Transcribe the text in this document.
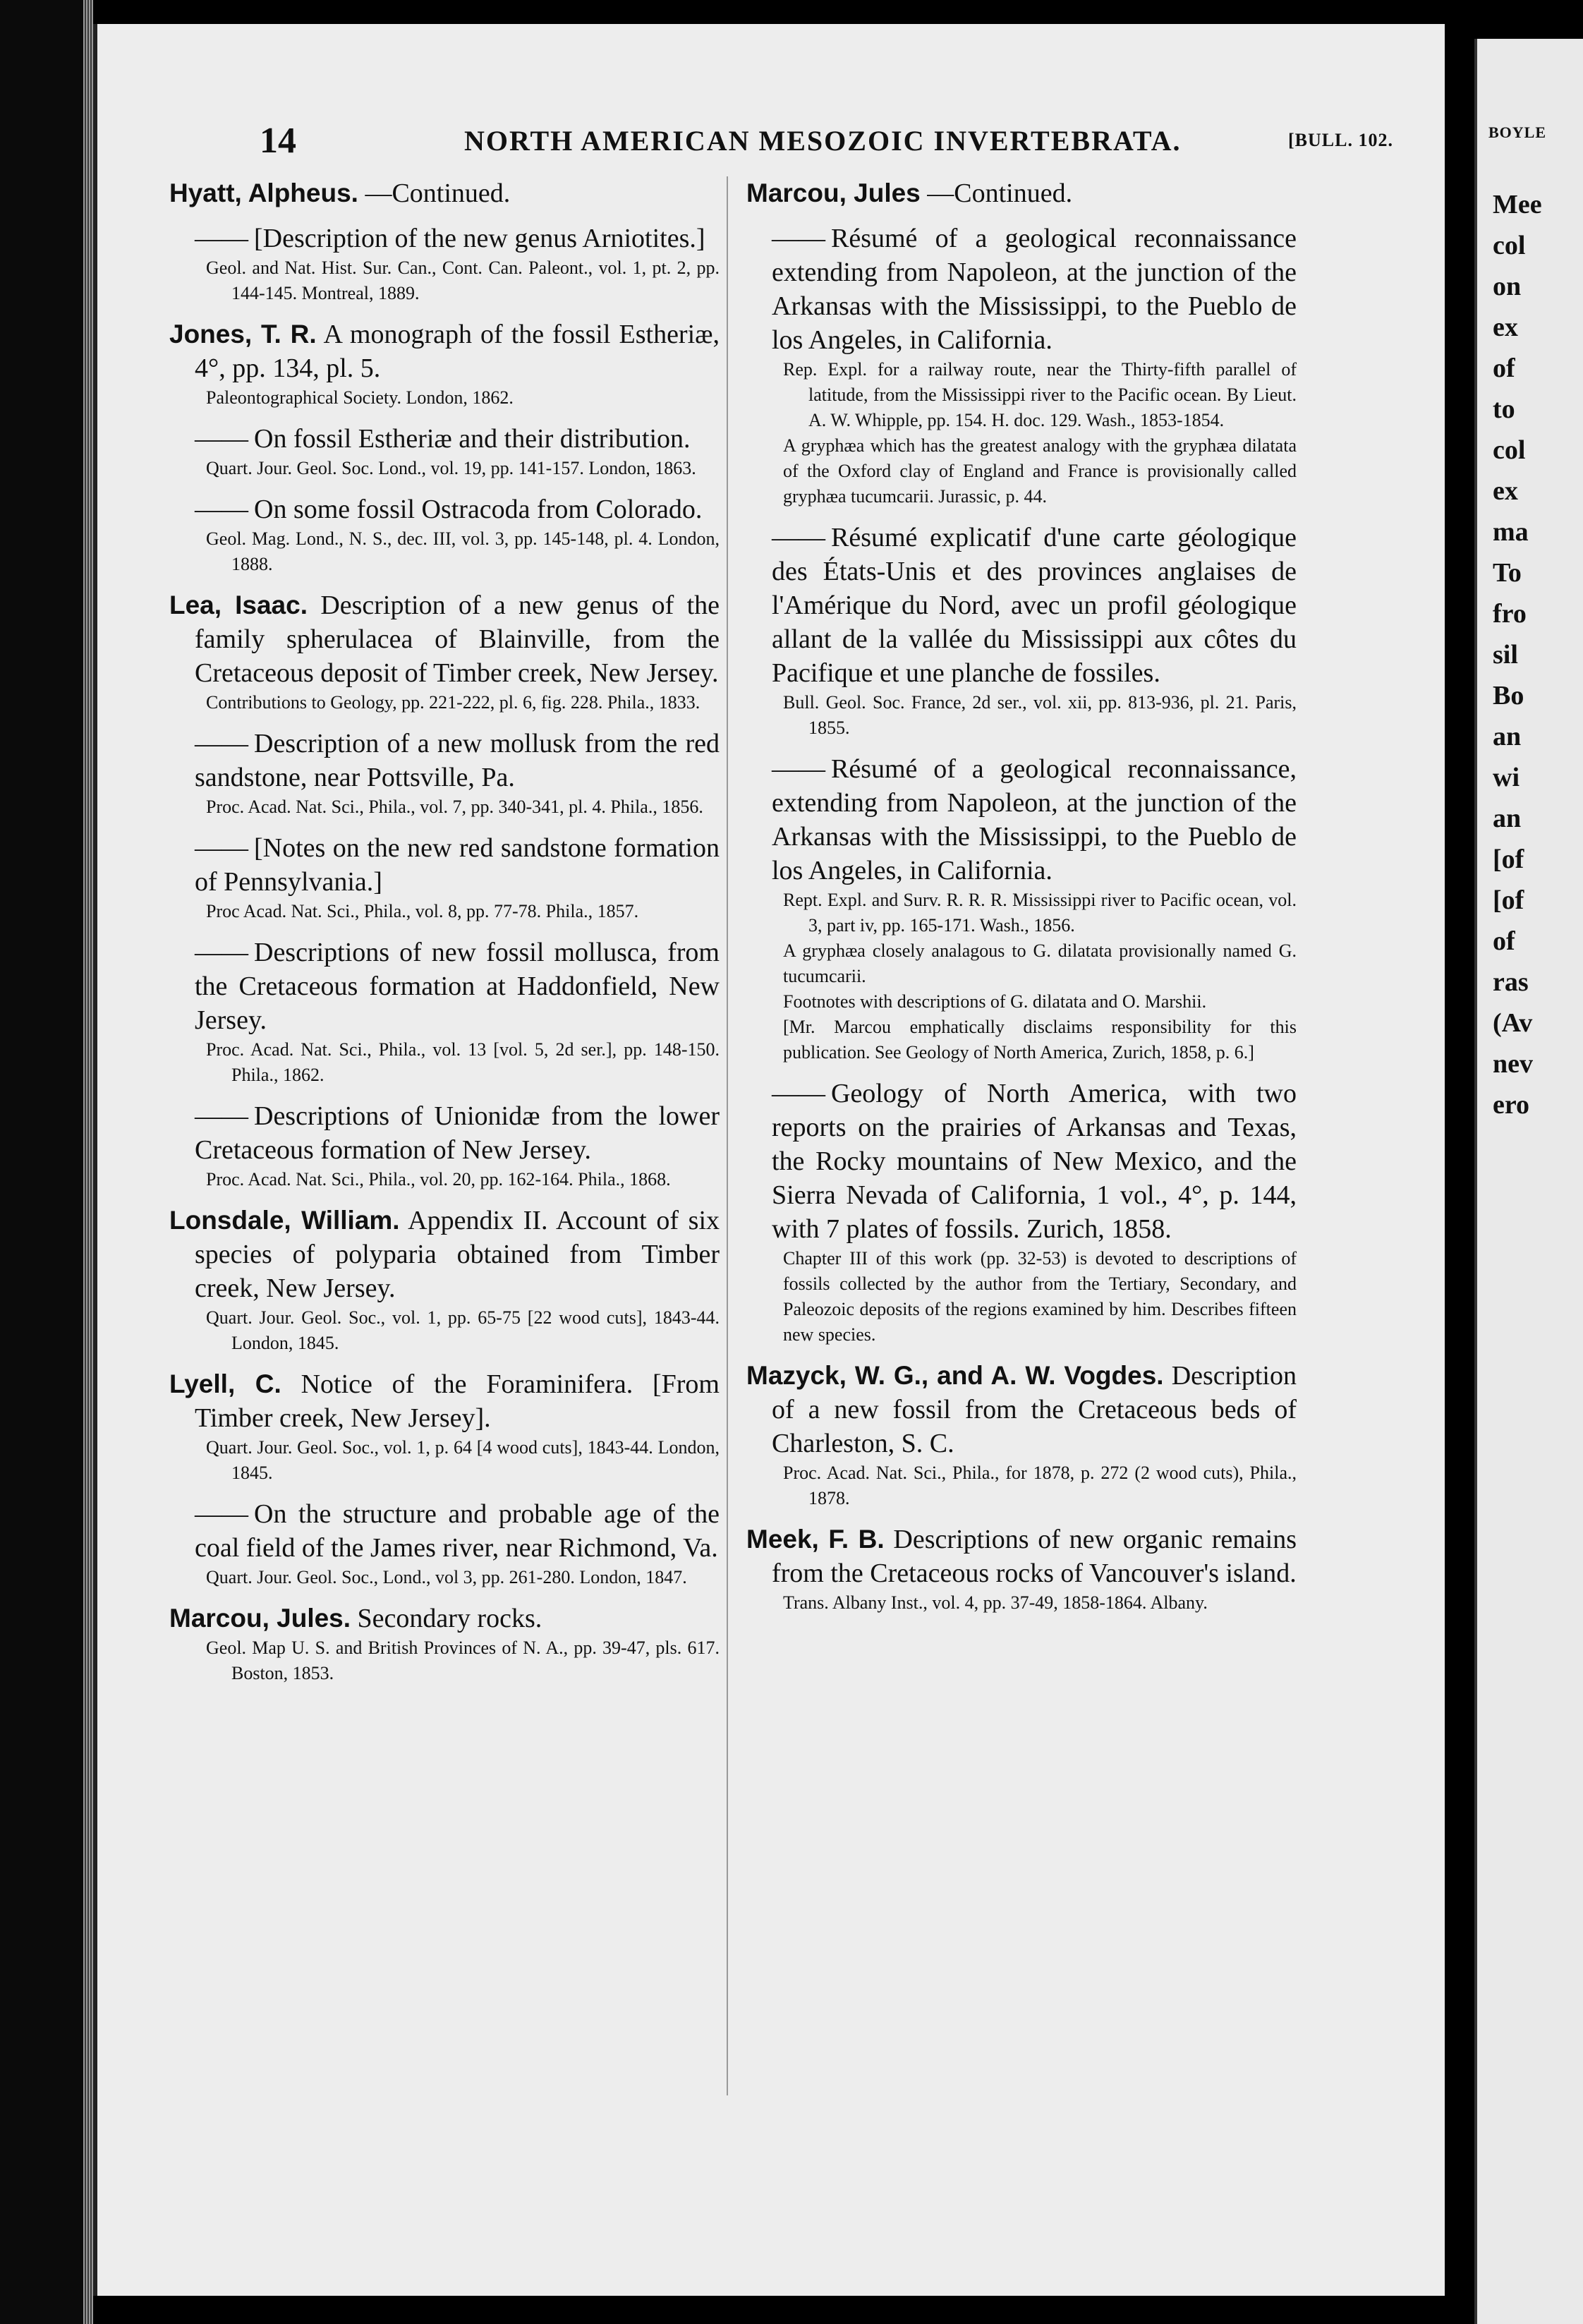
14	NORTH AMERICAN MESOZOIC INVERTEBRATA.	[BULL. 102.
Hyatt, Alpheus. —Continued.
—— [Description of the new genus Arniotites.]
Geol. and Nat. Hist. Sur. Can., Cont. Can. Paleont., vol. 1, pt. 2, pp. 144-145. Montreal, 1889.
Jones, T. R. A monograph of the fossil Estheriæ, 4°, pp. 134, pl. 5.
Paleontographical Society. London, 1862.
—— On fossil Estheriæ and their distribution.
Quart. Jour. Geol. Soc. Lond., vol. 19, pp. 141-157. London, 1863.
—— On some fossil Ostracoda from Colorado.
Geol. Mag. Lond., N. S., dec. III, vol. 3, pp. 145-148, pl. 4. London, 1888.
Lea, Isaac. Description of a new genus of the family spherulacea of Blainville, from the Cretaceous deposit of Timber creek, New Jersey.
Contributions to Geology, pp. 221-222, pl. 6, fig. 228. Phila., 1833.
—— Description of a new mollusk from the red sandstone, near Pottsville, Pa.
Proc. Acad. Nat. Sci., Phila., vol. 7, pp. 340-341, pl. 4. Phila., 1856.
—— [Notes on the new red sandstone formation of Pennsylvania.]
Proc Acad. Nat. Sci., Phila., vol. 8, pp. 77-78. Phila., 1857.
—— Descriptions of new fossil mollusca, from the Cretaceous formation at Haddonfield, New Jersey.
Proc. Acad. Nat. Sci., Phila., vol. 13 [vol. 5, 2d ser.], pp. 148-150. Phila., 1862.
—— Descriptions of Unionidæ from the lower Cretaceous formation of New Jersey.
Proc. Acad. Nat. Sci., Phila., vol. 20, pp. 162-164. Phila., 1868.
Lonsdale, William. Appendix II. Account of six species of polyparia obtained from Timber creek, New Jersey.
Quart. Jour. Geol. Soc., vol. 1, pp. 65-75 [22 wood cuts], 1843-44. London, 1845.
Lyell, C. Notice of the Foraminifera. [From Timber creek, New Jersey].
Quart. Jour. Geol. Soc., vol. 1, p. 64 [4 wood cuts], 1843-44. London, 1845.
—— On the structure and probable age of the coal field of the James river, near Richmond, Va.
Quart. Jour. Geol. Soc., Lond., vol 3, pp. 261-280. London, 1847.
Marcou, Jules. Secondary rocks.
Geol. Map U. S. and British Provinces of N. A., pp. 39-47, pls. 617. Boston, 1853.
Marcou, Jules —Continued.
—— Résumé of a geological reconnaissance extending from Napoleon, at the junction of the Arkansas with the Mississippi, to the Pueblo de los Angeles, in California.
Rep. Expl. for a railway route, near the Thirty-fifth parallel of latitude, from the Mississippi river to the Pacific ocean. By Lieut. A. W. Whipple, pp. 154. H. doc. 129. Wash., 1853-1854.
A gryphæa which has the greatest analogy with the gryphæa dilatata of the Oxford clay of England and France is provisionally called gryphæa tucumcarii. Jurassic, p. 44.
—— Résumé explicatif d'une carte géologique des États-Unis et des provinces anglaises de l'Amérique du Nord, avec un profil géologique allant de la vallée du Mississippi aux côtes du Pacifique et une planche de fossiles.
Bull. Geol. Soc. France, 2d ser., vol. xii, pp. 813-936, pl. 21. Paris, 1855.
—— Résumé of a geological reconnaissance, extending from Napoleon, at the junction of the Arkansas with the Mississippi, to the Pueblo de los Angeles, in California.
Rept. Expl. and Surv. R. R. R. Mississippi river to Pacific ocean, vol. 3, part iv, pp. 165-171. Wash., 1856.
A gryphæa closely analagous to G. dilatata provisionally named G. tucumcarii.
Footnotes with descriptions of G. dilatata and O. Marshii.
[Mr. Marcou emphatically disclaims responsibility for this publication. See Geology of North America, Zurich, 1858, p. 6.]
—— Geology of North America, with two reports on the prairies of Arkansas and Texas, the Rocky mountains of New Mexico, and the Sierra Nevada of California, 1 vol., 4°, p. 144, with 7 plates of fossils. Zurich, 1858.
Chapter III of this work (pp. 32-53) is devoted to descriptions of fossils collected by the author from the Tertiary, Secondary, and Paleozoic deposits of the regions examined by him. Describes fifteen new species.
Mazyck, W. G., and A. W. Vogdes. Description of a new fossil from the Cretaceous beds of Charleston, S. C.
Proc. Acad. Nat. Sci., Phila., for 1878, p. 272 (2 wood cuts), Phila., 1878.
Meek, F. B. Descriptions of new organic remains from the Cretaceous rocks of Vancouver's island.
Trans. Albany Inst., vol. 4, pp. 37-49, 1858-1864. Albany.
BOYLE
Mee
col
on
ex
of
to
col
ex
ma
To
fro
sil
Bo
an
wi
an
[of
[of
of
ras
(Av
nev
ero
